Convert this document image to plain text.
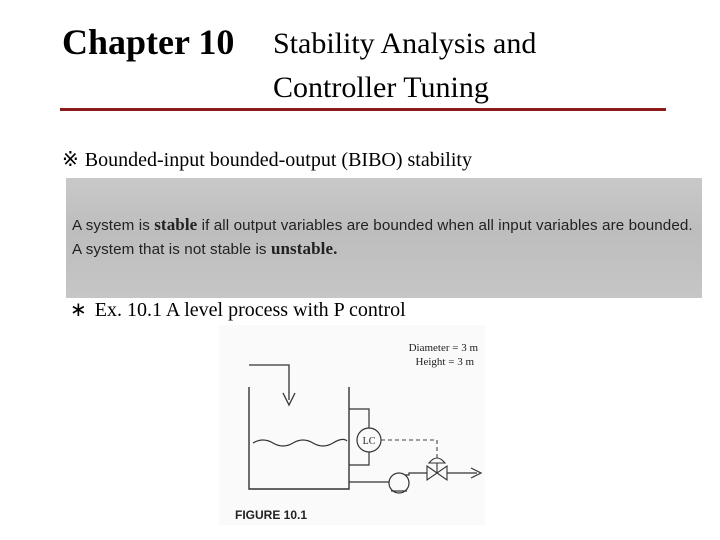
Chapter 10 Stability Analysis and
Controller Tuning
※ Bounded-input bounded-output (BIBO) stability
A system is stable if all output variables are bounded when all input variables are bounded. A system that is not stable is unstable.
∗ Ex. 10.1 A level process with P control
Diameter = 3 m
Height = 3 m
LC
FIGURE 10.1
